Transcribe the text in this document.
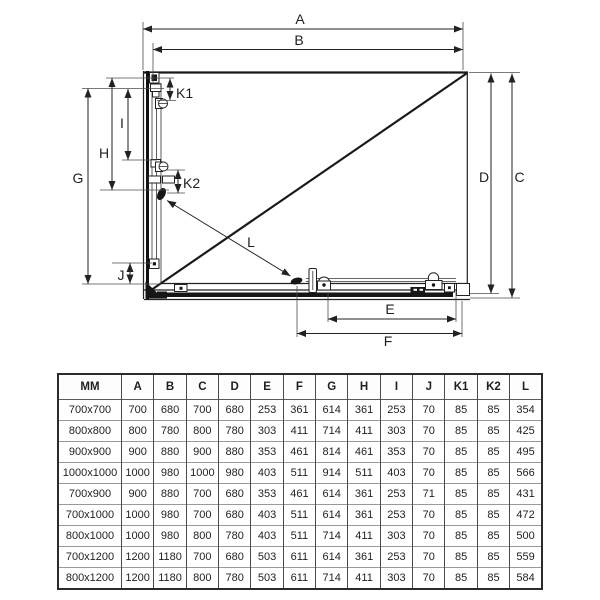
A
B
C
D
E
F
G
H
I
J
K1
K2
L
MM	A	B	C	D	E	F	G	H	I	J	K1	K2	L
700x700	700	680	700	680	253	361	614	361	253	70	85	85	354
800x800	800	780	800	780	303	411	714	411	303	70	85	85	425
900x900	900	880	900	880	353	461	814	461	353	70	85	85	495
1000x1000	1000	980	1000	980	403	511	914	511	403	70	85	85	566
700x900	900	880	700	680	353	461	614	361	253	71	85	85	431
700x1000	1000	980	700	680	403	511	614	361	253	70	85	85	472
800x1000	1000	980	800	780	403	511	714	411	303	70	85	85	500
700x1200	1200	1180	700	680	503	611	614	361	253	70	85	85	559
800x1200	1200	1180	800	780	503	611	714	411	303	70	85	85	584
